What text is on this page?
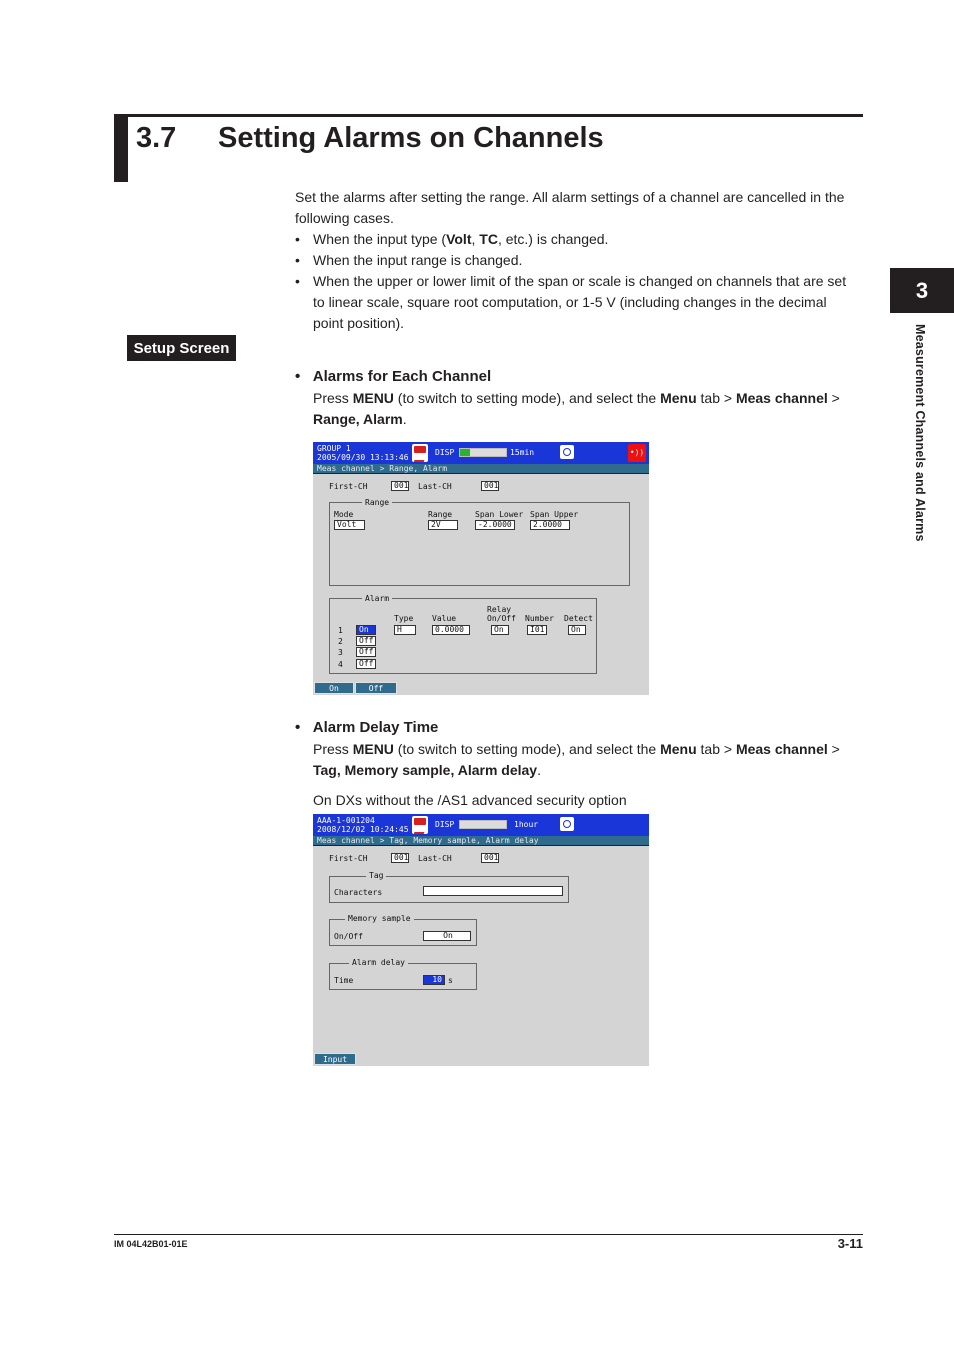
3.7 Setting Alarms on Channels
3
Measurement Channels and Alarms
Set the alarms after setting the range. All alarm settings of a channel are cancelled in the
following cases.
• When the input type (Volt, TC, etc.) is changed.
• When the input range is changed.
• When the upper or lower limit of the span or scale is changed on channels that are set
to linear scale, square root computation, or 1-5 V (including changes in the decimal
point position).
Setup Screen
•   Alarms for Each Channel
Press MENU (to switch to setting mode), and select the Menu tab > Meas channel >
Range, Alarm.
GROUP 1
2005/09/30 13:13:46
DISP	15min	•))
Meas channel > Range, Alarm
First-CH	001 Last-CH	001
Range
Mode
Volt
Range
2V
Span Lower
-2.0000
Span Upper
2.0000
Alarm
Type Value
Relay
On/Off Number Detect
1	On	H	0.0000	On	I01	On
2	Off
3	Off
4	Off
On	Off
•   Alarm Delay Time
Press MENU (to switch to setting mode), and select the Menu tab > Meas channel >
Tag, Memory sample, Alarm delay.
On DXs without the /AS1 advanced security option
AAA-1-001204
2008/12/02 10:24:45
DISP	1hour
Meas channel > Tag, Memory sample, Alarm delay
First-CH	001 Last-CH	001
Tag
Characters
Memory sample
On/Off	On
Alarm delay
Time	10 s
Input
IM 04L42B01-01E	3-11
